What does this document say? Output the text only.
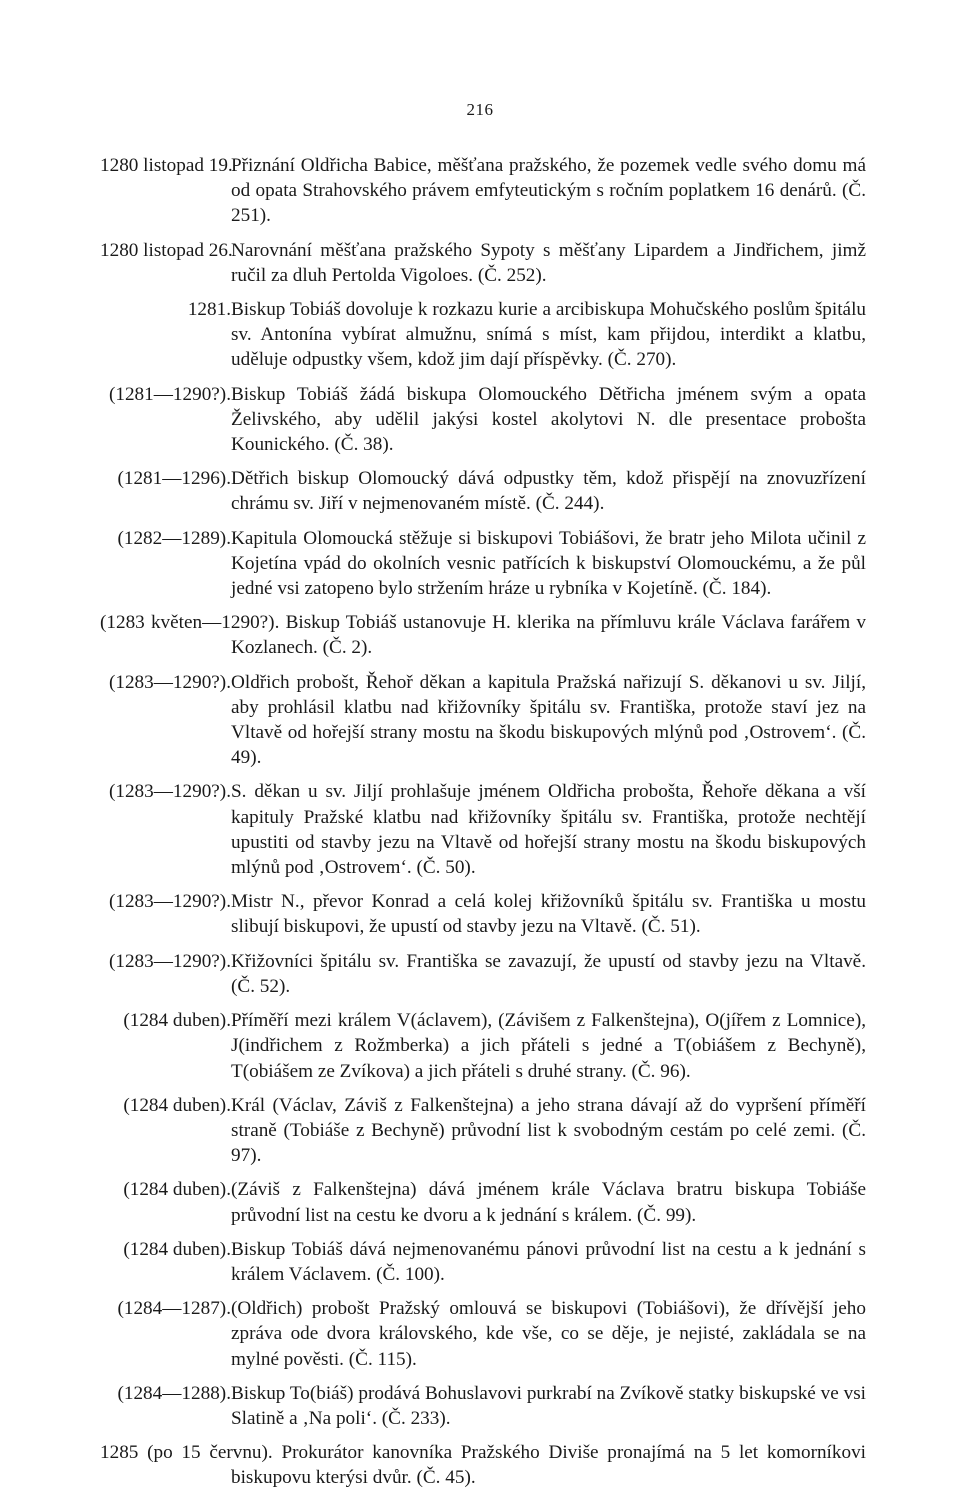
216
1280 listopad 19.
Přiznání Oldřicha Babice, měšťana pražského, že pozemek vedle svého domu má od opata Strahovského právem emfyteutickým s ročním poplatkem 16 denárů. (Č. 251).
1280 listopad 26.
Narovnání měšťana pražského Sypoty s měšťany Lipardem a Jindřichem, jimž ručil za dluh Pertolda Vigoloes. (Č. 252).
1281. Biskup Tobiáš dovoluje k rozkazu kurie a arcibiskupa Mohučského poslům špitálu sv. Antonína vybírat almužnu, snímá s míst, kam přijdou, interdikt a klatbu, uděluje odpustky všem, kdož jim dají příspěvky. (Č. 270).
(1281—1290?). Biskup Tobiáš žádá biskupa Olomouckého Dětřicha jménem svým a opata Želivského, aby udělil jakýsi kostel akolytovi N. dle presentace probošta Kounického. (Č. 38).
(1281—1296). Dětřich biskup Olomoucký dává odpustky těm, kdož přispějí na znovuzřízení chrámu sv. Jiří v nejmenovaném místě. (Č. 244).
(1282—1289). Kapitula Olomoucká stěžuje si biskupovi Tobiášovi, že bratr jeho Milota učinil z Kojetína vpád do okolních vesnic patřících k biskupství Olomouckému, a že půl jedné vsi zatopeno bylo stržením hráze u rybníka v Kojetíně. (Č. 184).
(1283 květen—1290?). Biskup Tobiáš ustanovuje H. klerika na přímluvu krále Václava farářem v Kozlanech. (Č. 2).
(1283—1290?). Oldřich probošt, Řehoř děkan a kapitula Pražská nařizují S. děkanovi u sv. Jiljí, aby prohlásil klatbu nad křižovníky špitálu sv. Františka, protože staví jez na Vltavě od hořejší strany mostu na škodu biskupových mlýnů pod ‚Ostrovem‘. (Č. 49).
(1283—1290?). S. děkan u sv. Jiljí prohlašuje jménem Oldřicha probošta, Řehoře děkana a vší kapituly Pražské klatbu nad křižovníky špitálu sv. Františka, protože nechtějí upustiti od stavby jezu na Vltavě od hořejší strany mostu na škodu biskupových mlýnů pod ‚Ostrovem‘. (Č. 50).
(1283—1290?). Mistr N., převor Konrad a celá kolej křižovníků špitálu sv. Františka u mostu slibují biskupovi, že upustí od stavby jezu na Vltavě. (Č. 51).
(1283—1290?). Křižovníci špitálu sv. Františka se zavazují, že upustí od stavby jezu na Vltavě. (Č. 52).
(1284 duben). Příměří mezi králem V(áclavem), (Závišem z Falkenštejna), O(jířem z Lomnice), J(indřichem z Rožmberka) a jich přáteli s jedné a T(obiášem z Bechyně), T(obiášem ze Zvíkova) a jich přáteli s druhé strany. (Č. 96).
(1284 duben). Král (Václav, Záviš z Falkenštejna) a jeho strana dávají až do vypršení příměří straně (Tobiáše z Bechyně) průvodní list k svobodným cestám po celé zemi. (Č. 97).
(1284 duben). (Záviš z Falkenštejna) dává jménem krále Václava bratru biskupa Tobiáše průvodní list na cestu ke dvoru a k jednání s králem. (Č. 99).
(1284 duben). Biskup Tobiáš dává nejmenovanému pánovi průvodní list na cestu a k jednání s králem Václavem. (Č. 100).
(1284—1287). (Oldřich) probošt Pražský omlouvá se biskupovi (Tobiášovi), že dřívější jeho zpráva ode dvora královského, kde vše, co se děje, je nejisté, zakládala se na mylné pověsti. (Č. 115).
(1284—1288). Biskup To(biáš) prodává Bohuslavovi purkrabí na Zvíkově statky biskupské ve vsi Slatině a ‚Na poli‘. (Č. 233).
1285 (po 15 červnu). Prokurátor kanovníka Pražského Diviše pronajímá na 5 let komorníkovi biskupovu kterýsi dvůr. (Č. 45).
